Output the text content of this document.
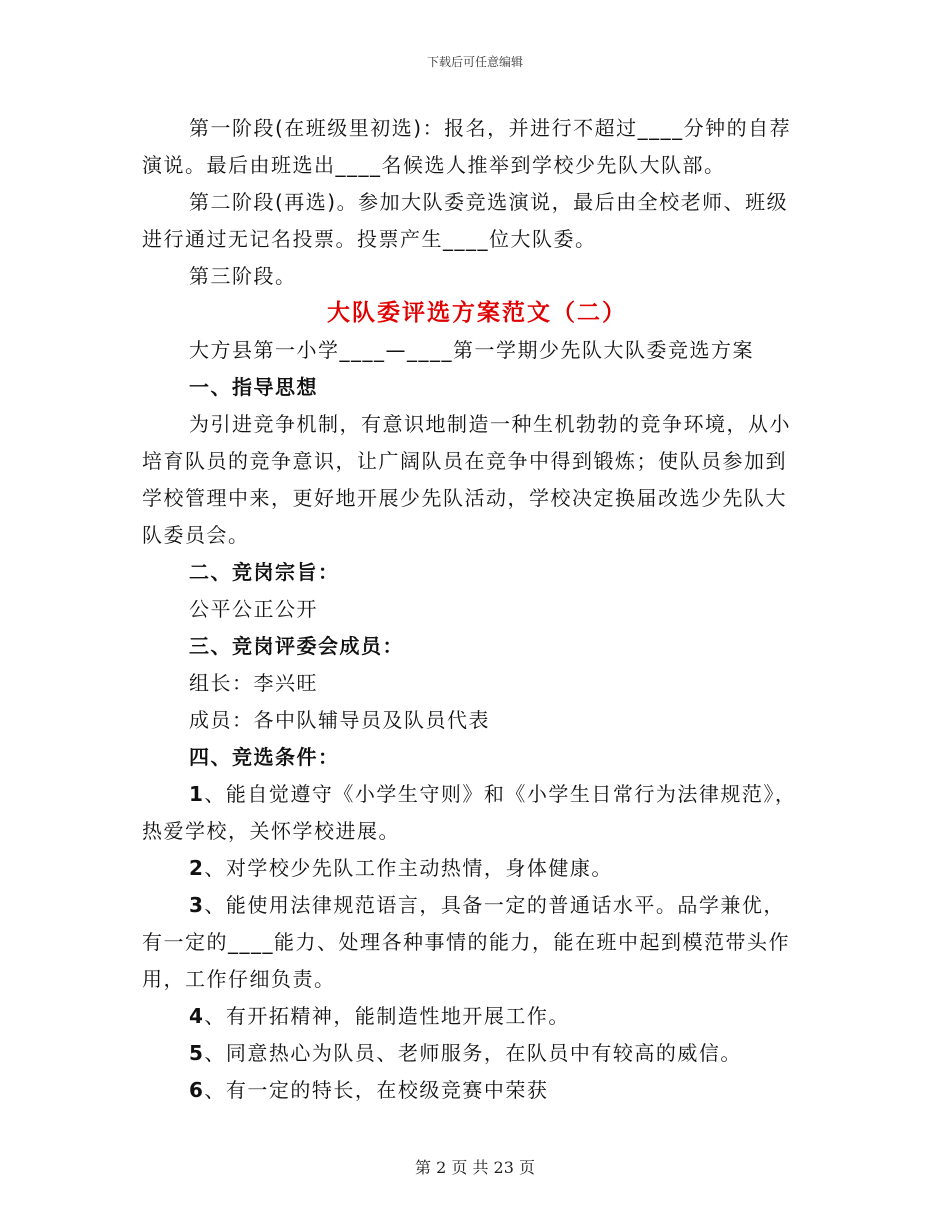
下载后可任意编辑

第一阶段(在班级里初选)：报名，并进行不超过____分钟的自荐演说。最后由班选出____名候选人推举到学校少先队大队部。

第二阶段(再选)。参加大队委竞选演说，最后由全校老师、班级进行通过无记名投票。投票产生____位大队委。

第三阶段。

大队委评选方案范文（二）

大方县第一小学____—____第一学期少先队大队委竞选方案

一、指导思想

为引进竞争机制，有意识地制造一种生机勃勃的竞争环境，从小培育队员的竞争意识，让广阔队员在竞争中得到锻炼；使队员参加到学校管理中来，更好地开展少先队活动，学校决定换届改选少先队大队委员会。

二、竞岗宗旨：

公平公正公开

三、竞岗评委会成员：

组长：李兴旺

成员：各中队辅导员及队员代表

四、竞选条件：

1、能自觉遵守《小学生守则》和《小学生日常行为法律规范》，热爱学校，关怀学校进展。

2、对学校少先队工作主动热情，身体健康。

3、能使用法律规范语言，具备一定的普通话水平。品学兼优，有一定的____能力、处理各种事情的能力，能在班中起到模范带头作用，工作仔细负责。

4、有开拓精神，能制造性地开展工作。

5、同意热心为队员、老师服务，在队员中有较高的威信。

6、有一定的特长，在校级竞赛中荣获

第 2 页 共 23 页
